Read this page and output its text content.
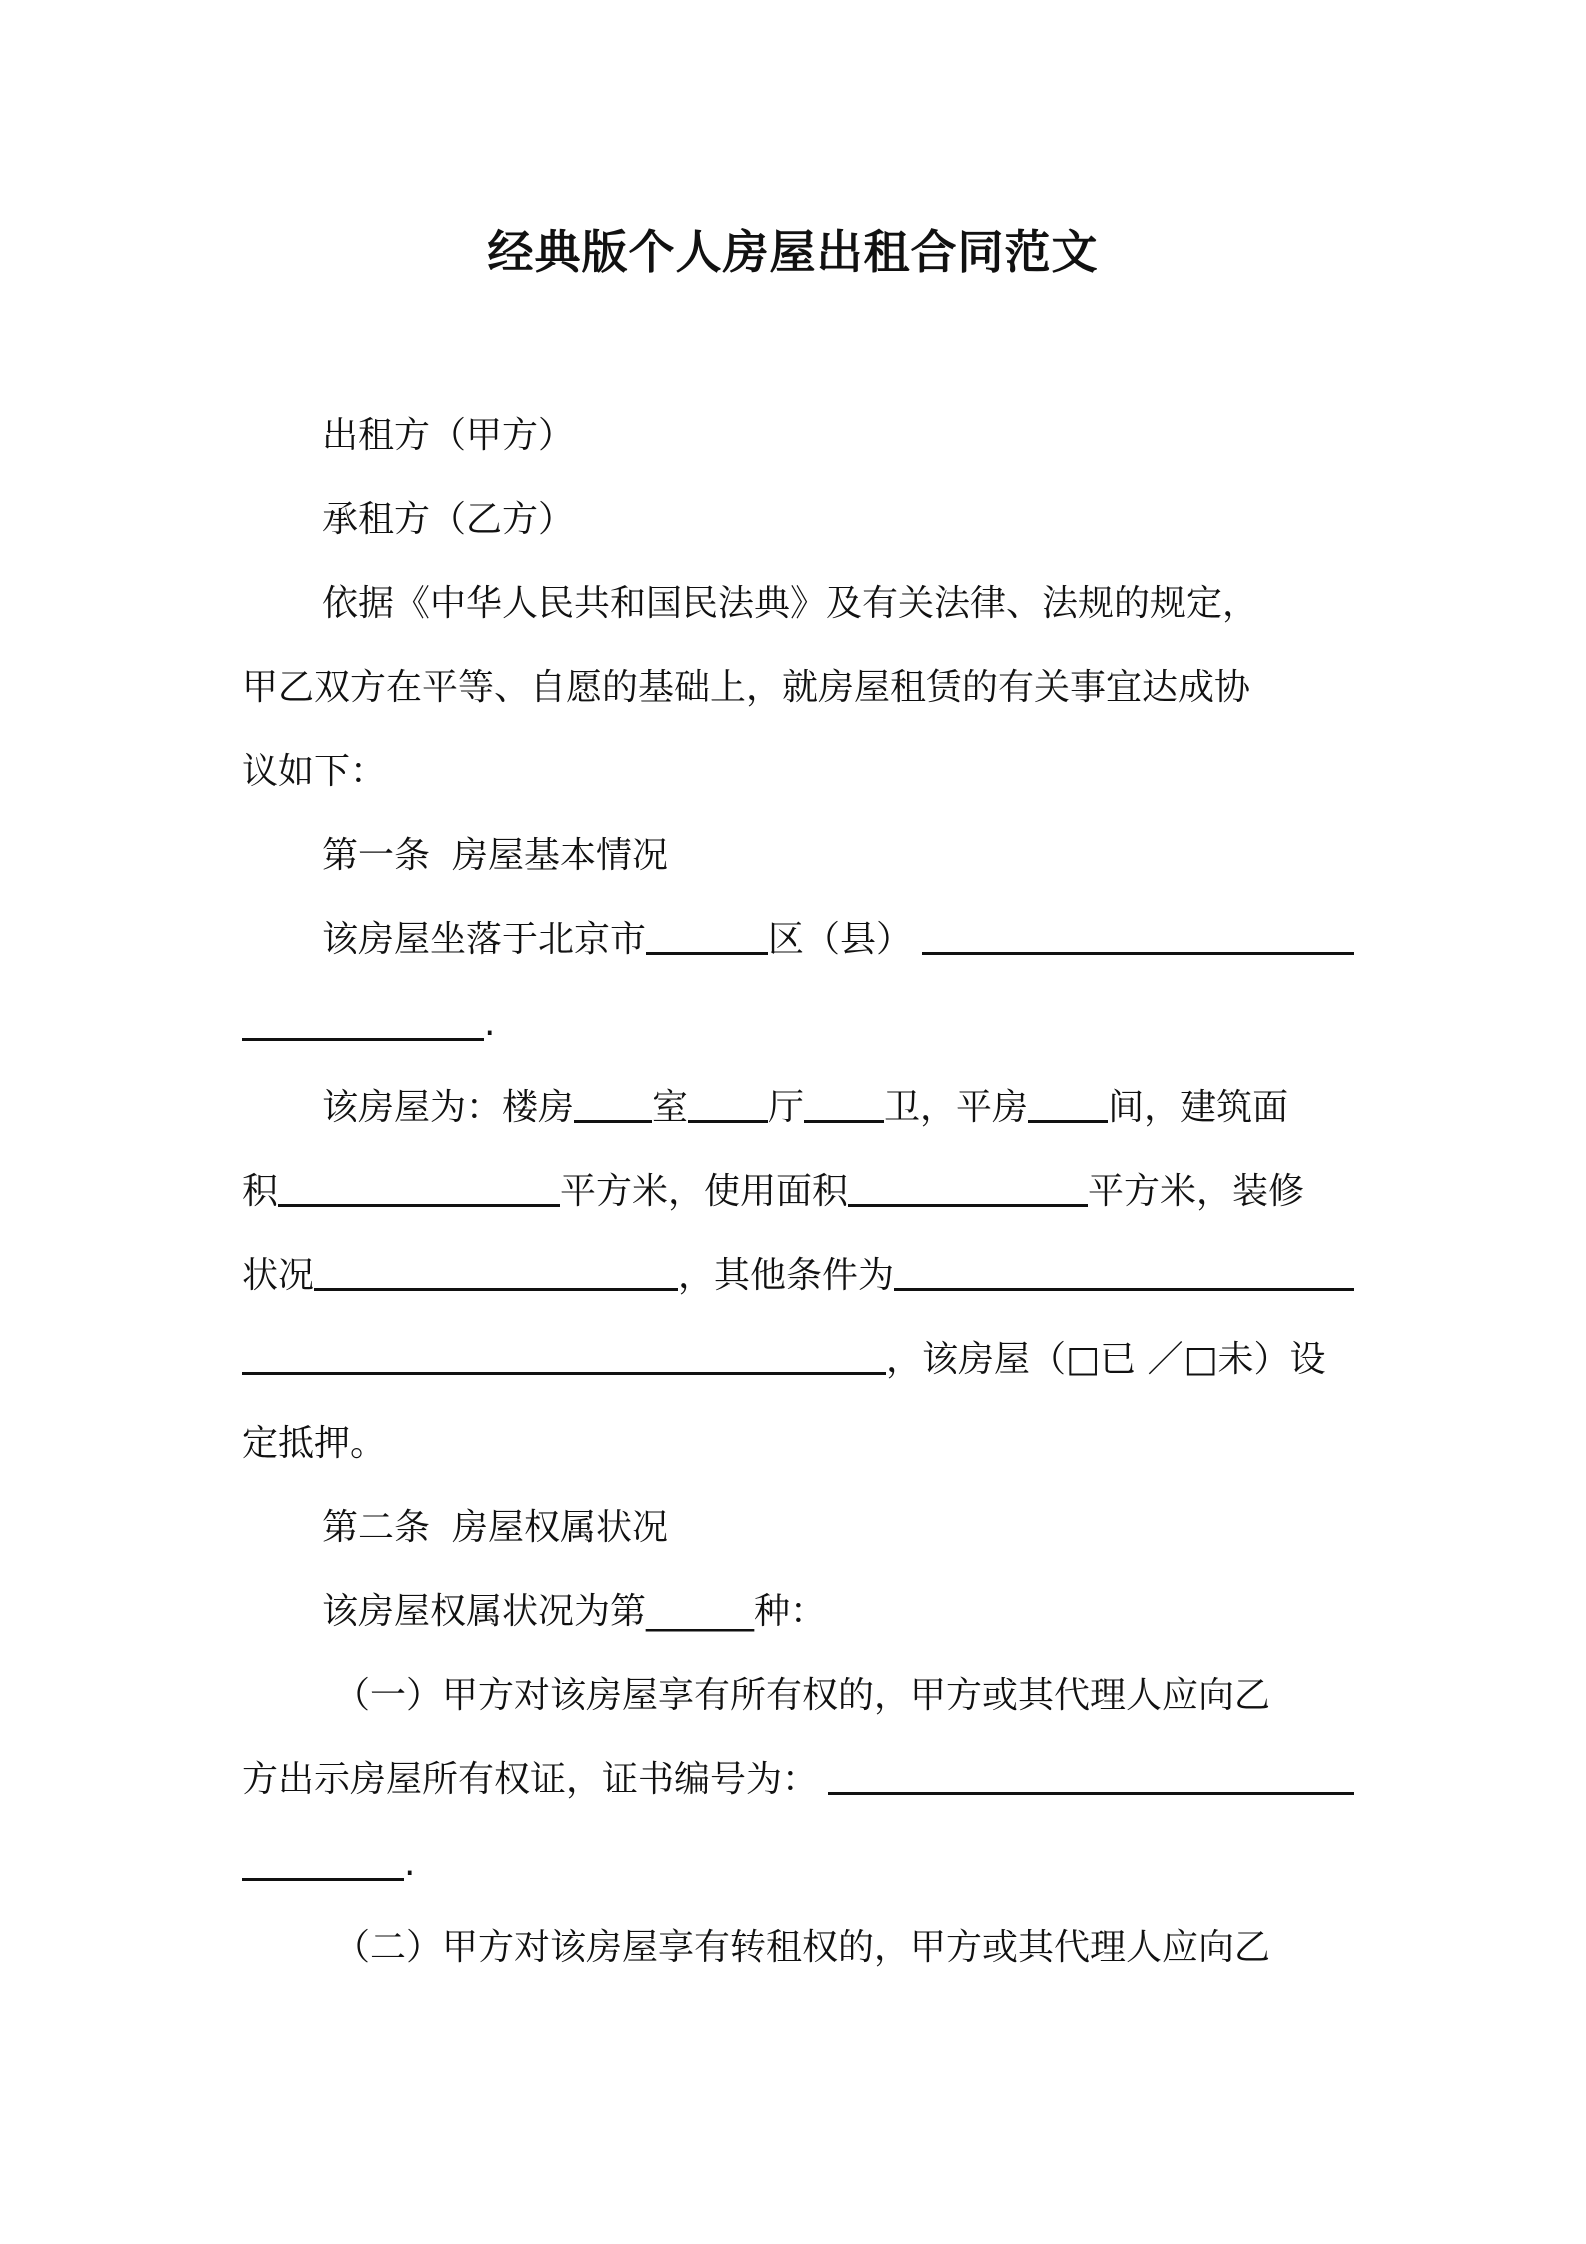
经典版个人房屋出租合同范文
出租方（甲方）
承租方（乙方）
依据《中华人民共和国民法典》及有关法律、法规的规定，
甲乙双方在平等、自愿的基础上，就房屋租赁的有关事宜达成协
议如下：
第一条 房屋基本情况
该房屋坐落于北京市	区（县）
.
该房屋为：楼房 室 厅 卫，平房 间，建筑面
积	平方米，使用面积	平方米，装修
状况	，其他条件为
，该房屋（□已 ／□未）设
定抵押。
第二条 房屋权属状况
该房屋权属状况为第______种：
（一）甲方对该房屋享有所有权的，甲方或其代理人应向乙
方出示房屋所有权证，证书编号为：
.
（二）甲方对该房屋享有转租权的，甲方或其代理人应向乙
